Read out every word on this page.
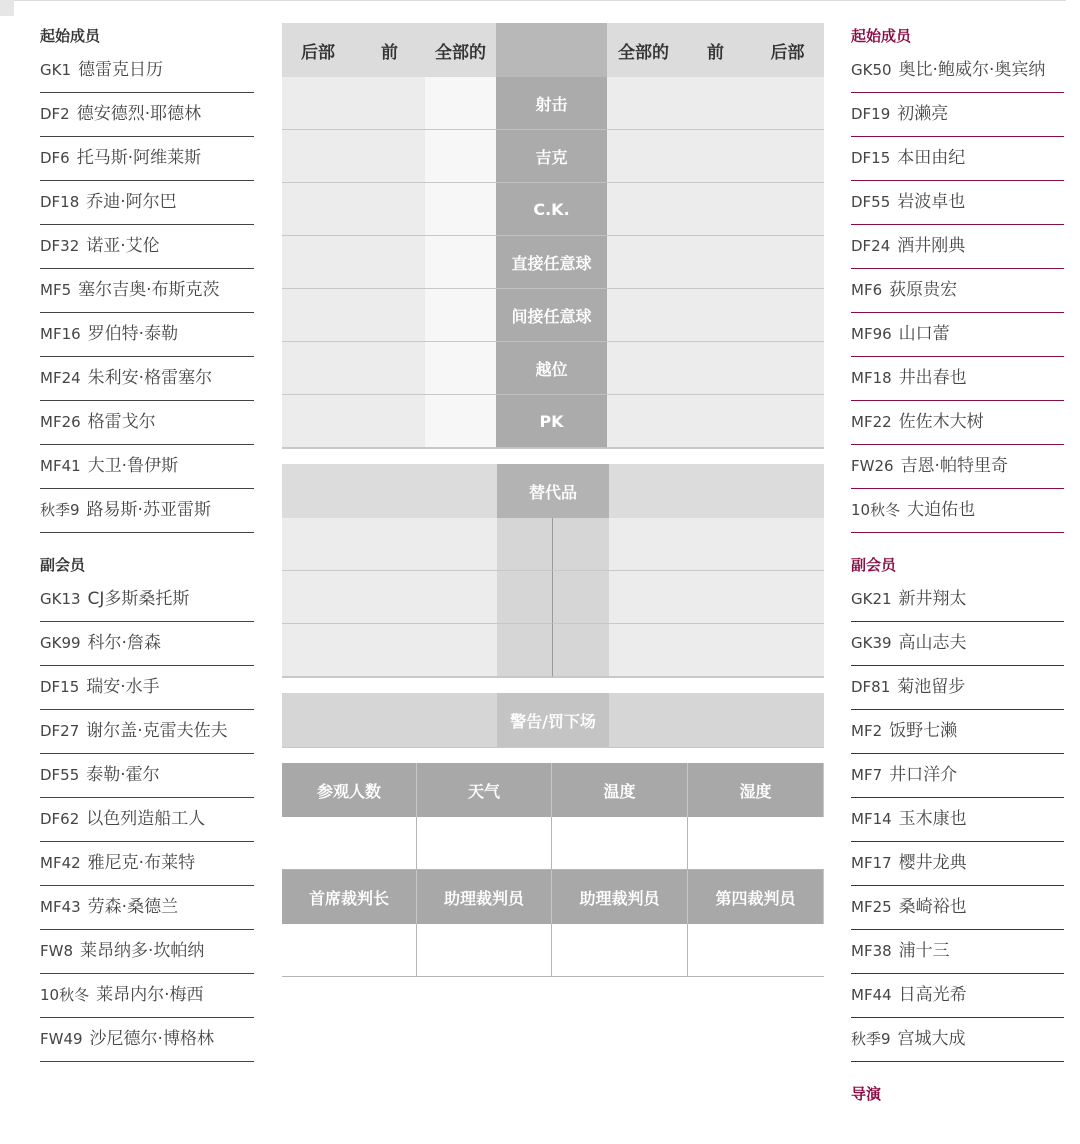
起始成员
GK1 德雷克日历
DF2 德安德烈·耶德林
DF6 托马斯·阿维莱斯
DF18 乔迪·阿尔巴
DF32 诺亚·艾伦
MF5 塞尔吉奥·布斯克茨
MF16 罗伯特·泰勒
MF24 朱利安·格雷塞尔
MF26 格雷戈尔
MF41 大卫·鲁伊斯
秋季9 路易斯·苏亚雷斯
副会员
GK13 CJ多斯桑托斯
GK99 科尔·詹森
DF15 瑞安·水手
DF27 谢尔盖·克雷夫佐夫
DF55 泰勒·霍尔
DF62 以色列造船工人
MF42 雅尼克·布莱特
MF43 劳森·桑德兰
FW8 莱昂纳多·坎帕纳
10秋冬 莱昂内尔·梅西
FW49 沙尼德尔·博格林
后部	前	全部的	全部的	前	后部
射击
吉克
C.K.
直接任意球
间接任意球
越位
PK
替代品
警告/罚下场
参观人数	天气	温度	湿度
首席裁判长	助理裁判员	助理裁判员	第四裁判员
起始成员
GK50 奥比·鲍威尔·奥宾纳
DF19 初濑亮
DF15 本田由纪
DF55 岩波卓也
DF24 酒井刚典
MF6 荻原贵宏
MF96 山口蕾
MF18 井出春也
MF22 佐佐木大树
FW26 吉恩·帕特里奇
10秋冬 大迫佑也
副会员
GK21 新井翔太
GK39 高山志夫
DF81 菊池留步
MF2 饭野七濑
MF7 井口洋介
MF14 玉木康也
MF17 樱井龙典
MF25 桑崎裕也
MF38 浦十三
MF44 日高光希
秋季9 宫城大成
导演
